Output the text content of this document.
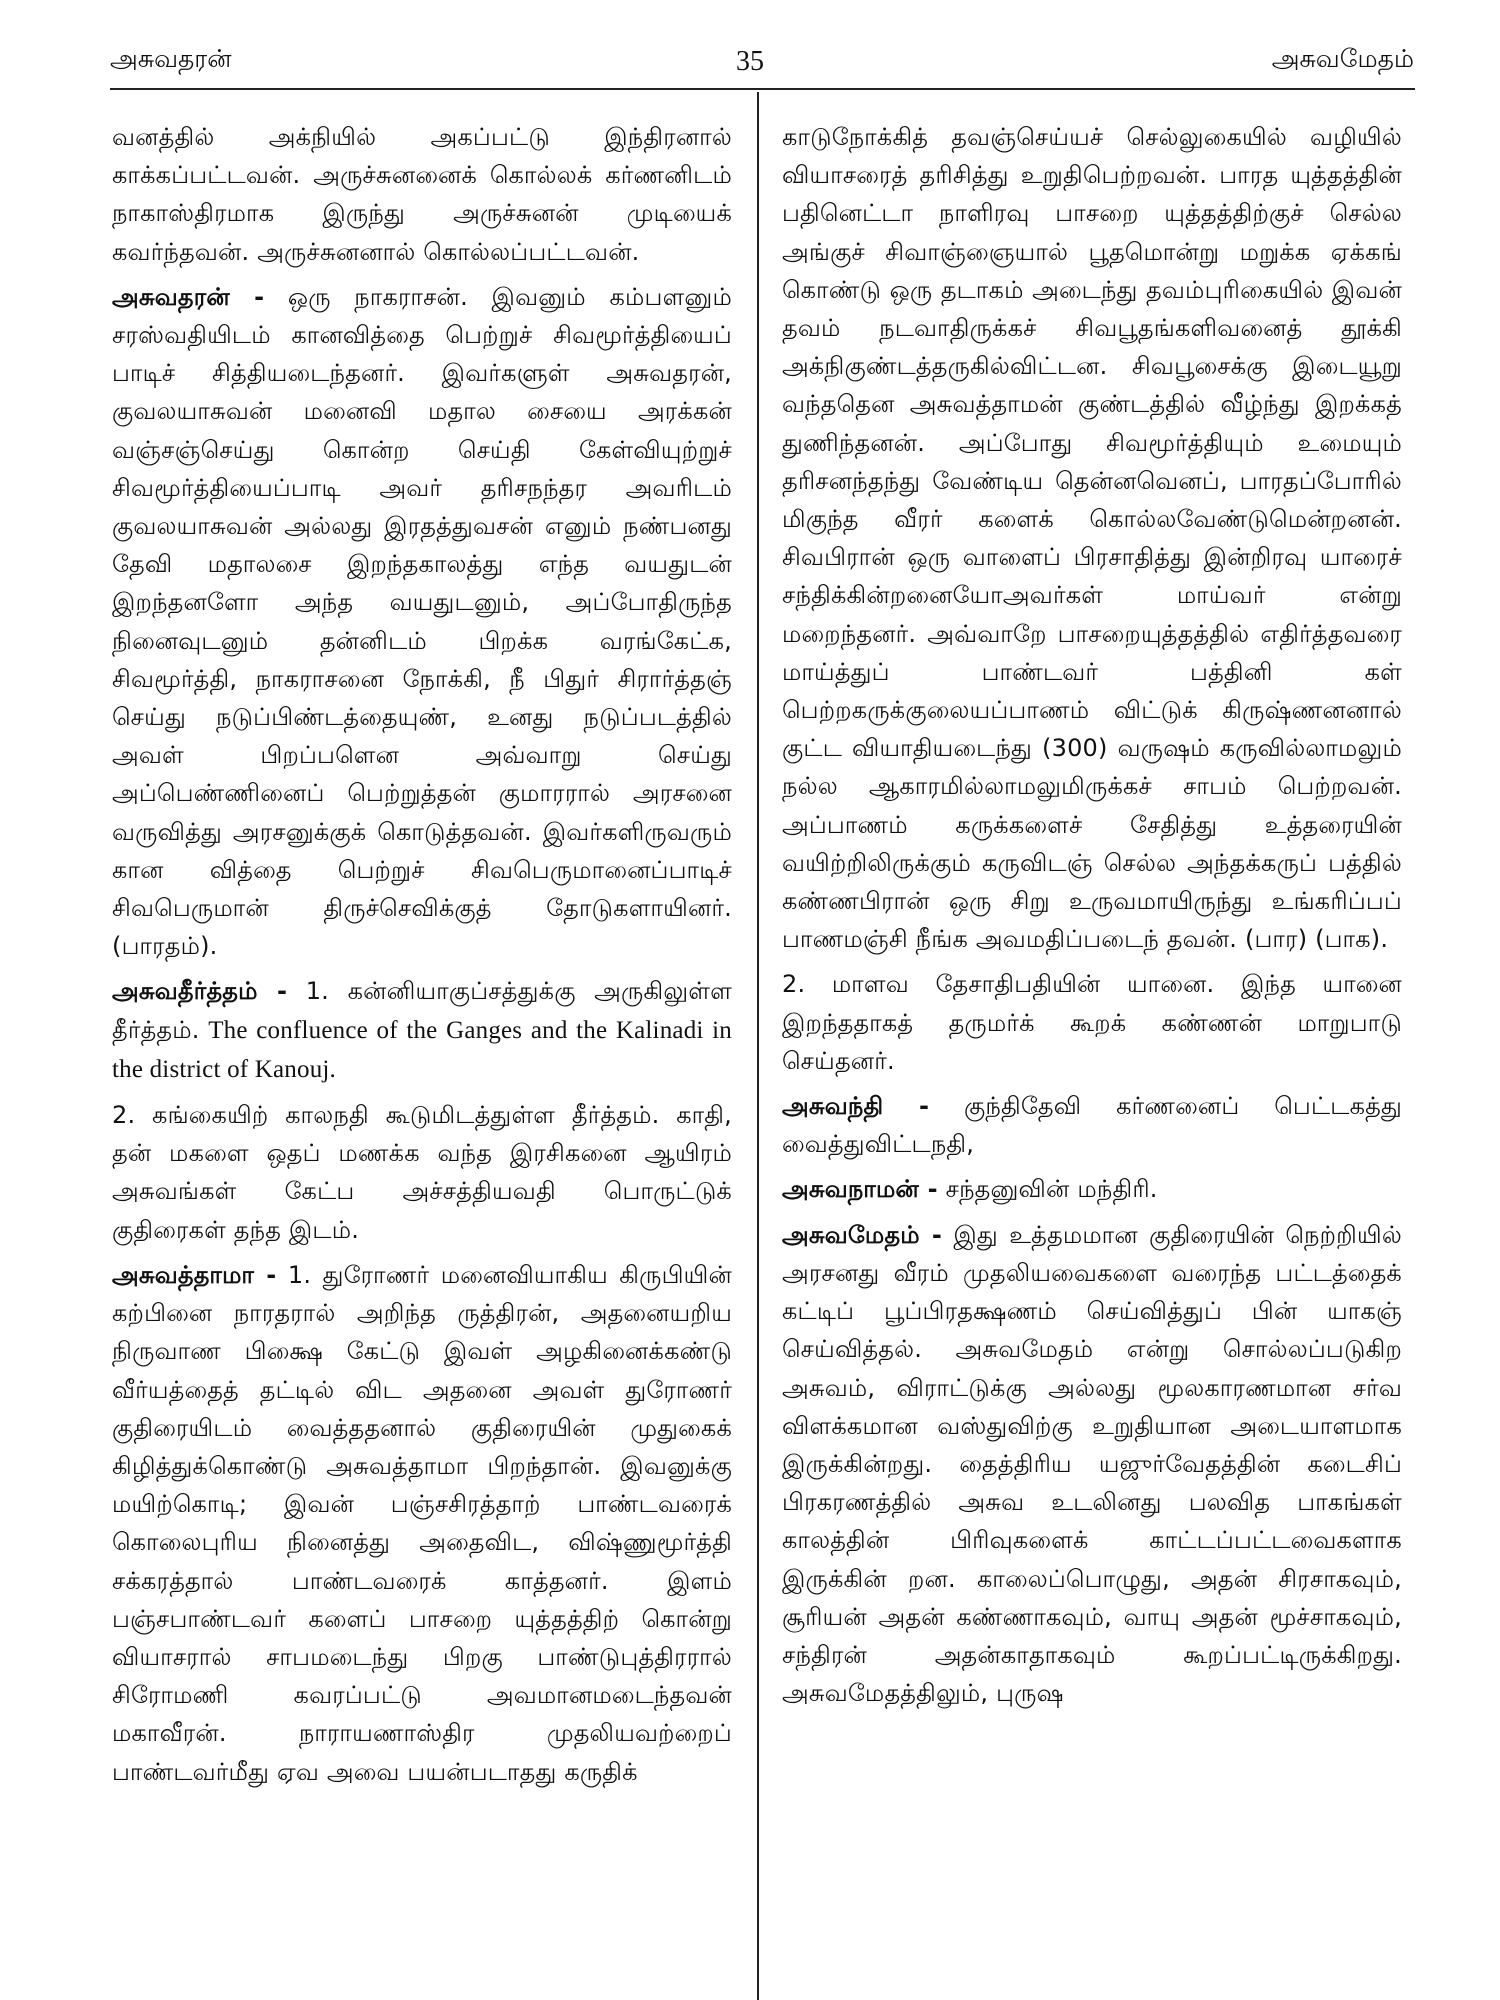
அசுவதரன்	35	அசுவமேதம்

வனத்தில் அக்நியில் அகப்பட்டு இந்திரனால் காக்கப்பட்டவன். அருச்சுனனைக் கொல்லக் கர்ணனிடம் நாகாஸ்திரமாக இருந்து அருச்சுனன் முடியைக் கவர்ந்தவன். அருச்சுனனால் கொல்லப்பட்டவன்.

அசுவதரன் - ஒரு நாகராசன். இவனும் கம்பளனும் சரஸ்வதியிடம் கானவித்தை பெற்றுச் சிவமூர்த்தியைப் பாடிச் சித்தியடைந்தனர். இவர்களுள் அசுவதரன், குவலயாசுவன் மனைவி மதால சையை அரக்கன் வஞ்சஞ்செய்து கொன்ற செய்தி கேள்வியுற்றுச் சிவமூர்த்தியைப்பாடி அவர் தரிசநந்தர அவரிடம் குவலயாசுவன் அல்லது இரதத்துவசன் எனும் நண்பனது தேவி மதாலசை இறந்தகாலத்து எந்த வயதுடன் இறந்தனளோ அந்த வயதுடனும், அப்போதிருந்த நினைவுடனும் தன்னிடம் பிறக்க வரங்கேட்க, சிவமூர்த்தி, நாகராசனை நோக்கி, நீ பிதுர் சிரார்த்தஞ் செய்து நடுப்பிண்டத்தையுண், உனது நடுப்படத்தில் அவள் பிறப்பளென அவ்வாறு செய்து அப்பெண்ணினைப் பெற்றுத்தன் குமாரரால் அரசனை வருவித்து அரசனுக்குக் கொடுத்தவன். இவர்களிருவரும் கான வித்தை பெற்றுச் சிவபெருமானைப்பாடிச் சிவபெருமான் திருச்செவிக்குத் தோடுகளாயினர். (பாரதம்).

அசுவதீர்த்தம் - 1. கன்னியாகுப்சத்துக்கு அருகிலுள்ள தீர்த்தம். The confluence of the Ganges and the Kalinadi in the district of Kanouj.

2. கங்கையிற் காலநதி கூடுமிடத்துள்ள தீர்த்தம். காதி, தன் மகளை ஒதப் மணக்க வந்த இரசிகனை ஆயிரம் அசுவங்கள் கேட்ப அச்சத்தியவதி பொருட்டுக் குதிரைகள் தந்த இடம்.

அசுவத்தாமா - 1. துரோணர் மனைவியாகிய கிருபியின் கற்பினை நாரதரால் அறிந்த ருத்திரன், அதனையறிய நிருவாண பிக்ஷை கேட்டு இவள் அழகினைக்கண்டு வீர்யத்தைத் தட்டில் விட அதனை அவள் துரோணர் குதிரையிடம் வைத்ததனால் குதிரையின் முதுகைக் கிழித்துக்கொண்டு அசுவத்தாமா பிறந்தான். இவனுக்கு மயிற்கொடி; இவன் பஞ்சசிரத்தாற் பாண்டவரைக் கொலைபுரிய நினைத்து அதைவிட, விஷ்ணுமூர்த்தி சக்கரத்தால் பாண்டவரைக் காத்தனர். இளம் பஞ்சபாண்டவர் களைப் பாசறை யுத்தத்திற் கொன்று வியாசரால் சாபமடைந்து பிறகு பாண்டுபுத்திரரால் சிரோமணி கவரப்பட்டு அவமானமடைந்தவன் மகாவீரன். நாராயணாஸ்திர முதலியவற்றைப் பாண்டவர்மீது ஏவ அவை பயன்படாதது கருதிக்

காடுநோக்கித் தவஞ்செய்யச் செல்லுகையில் வழியில் வியாசரைத் தரிசித்து உறுதிபெற்றவன். பாரத யுத்தத்தின் பதினெட்டா நாளிரவு பாசறை யுத்தத்திற்குச் செல்ல அங்குச் சிவாஞ்ஞையால் பூதமொன்று மறுக்க ஏக்கங் கொண்டு ஒரு தடாகம் அடைந்து தவம்புரிகையில் இவன் தவம் நடவாதிருக்கச் சிவபூதங்களிவனைத் தூக்கி அக்நிகுண்டத்தருகில்விட்டன. சிவபூசைக்கு இடையூறு வந்ததென அசுவத்தாமன் குண்டத்தில் வீழ்ந்து இறக்கத் துணிந்தனன். அப்போது சிவமூர்த்தியும் உமையும் தரிசனந்தந்து வேண்டிய தென்னவெனப், பாரதப்போரில் மிகுந்த வீரர் களைக் கொல்லவேண்டுமென்றனன். சிவபிரான் ஒரு வாளைப் பிரசாதித்து இன்றிரவு யாரைச் சந்திக்கின்றனையோஅவர்கள் மாய்வர் என்று மறைந்தனர். அவ்வாறே பாசறையுத்தத்தில் எதிர்த்தவரை மாய்த்துப் பாண்டவர் பத்தினி கள் பெற்றகருக்குலையப்பாணம் விட்டுக் கிருஷ்ணனனால் குட்ட வியாதியடைந்து (300) வருஷம் கருவில்லாமலும் நல்ல ஆகாரமில்லாமலுமிருக்கச் சாபம் பெற்றவன். அப்பாணம் கருக்களைச் சேதித்து உத்தரையின் வயிற்றிலிருக்கும் கருவிடஞ் செல்ல அந்தக்கருப் பத்தில் கண்ணபிரான் ஒரு சிறு உருவமாயிருந்து உங்கரிப்பப் பாணமஞ்சி நீங்க அவமதிப்படைந் தவன். (பார) (பாக).

2. மாளவ தேசாதிபதியின் யானை. இந்த யானை இறந்ததாகத் தருமர்க் கூறக் கண்ணன் மாறுபாடு செய்தனர்.

அசுவந்தி - குந்திதேவி கர்ணனைப் பெட்டகத்து வைத்துவிட்டநதி,

அசுவநாமன் - சந்தனுவின் மந்திரி.

அசுவமேதம் - இது உத்தமமான குதிரையின் நெற்றியில் அரசனது வீரம் முதலியவைகளை வரைந்த பட்டத்தைக் கட்டிப் பூப்பிரதக்ஷணம் செய்வித்துப் பின் யாகஞ் செய்வித்தல். அசுவமேதம் என்று சொல்லப்படுகிற அசுவம், விராட்டுக்கு அல்லது மூலகாரணமான சர்வ விளக்கமான வஸ்துவிற்கு உறுதியான அடையாளமாக இருக்கின்றது. தைத்திரிய யஜுர்வேதத்தின் கடைசிப் பிரகரணத்தில் அசுவ உடலினது பலவித பாகங்கள் காலத்தின் பிரிவுகளைக் காட்டப்பட்டவைகளாக இருக்கின் றன. காலைப்பொழுது, அதன் சிரசாகவும், சூரியன் அதன் கண்ணாகவும், வாயு அதன் மூச்சாகவும், சந்திரன் அதன்காதாகவும் கூறப்பட்டிருக்கிறது. அசுவமேதத்திலும், புருஷ
